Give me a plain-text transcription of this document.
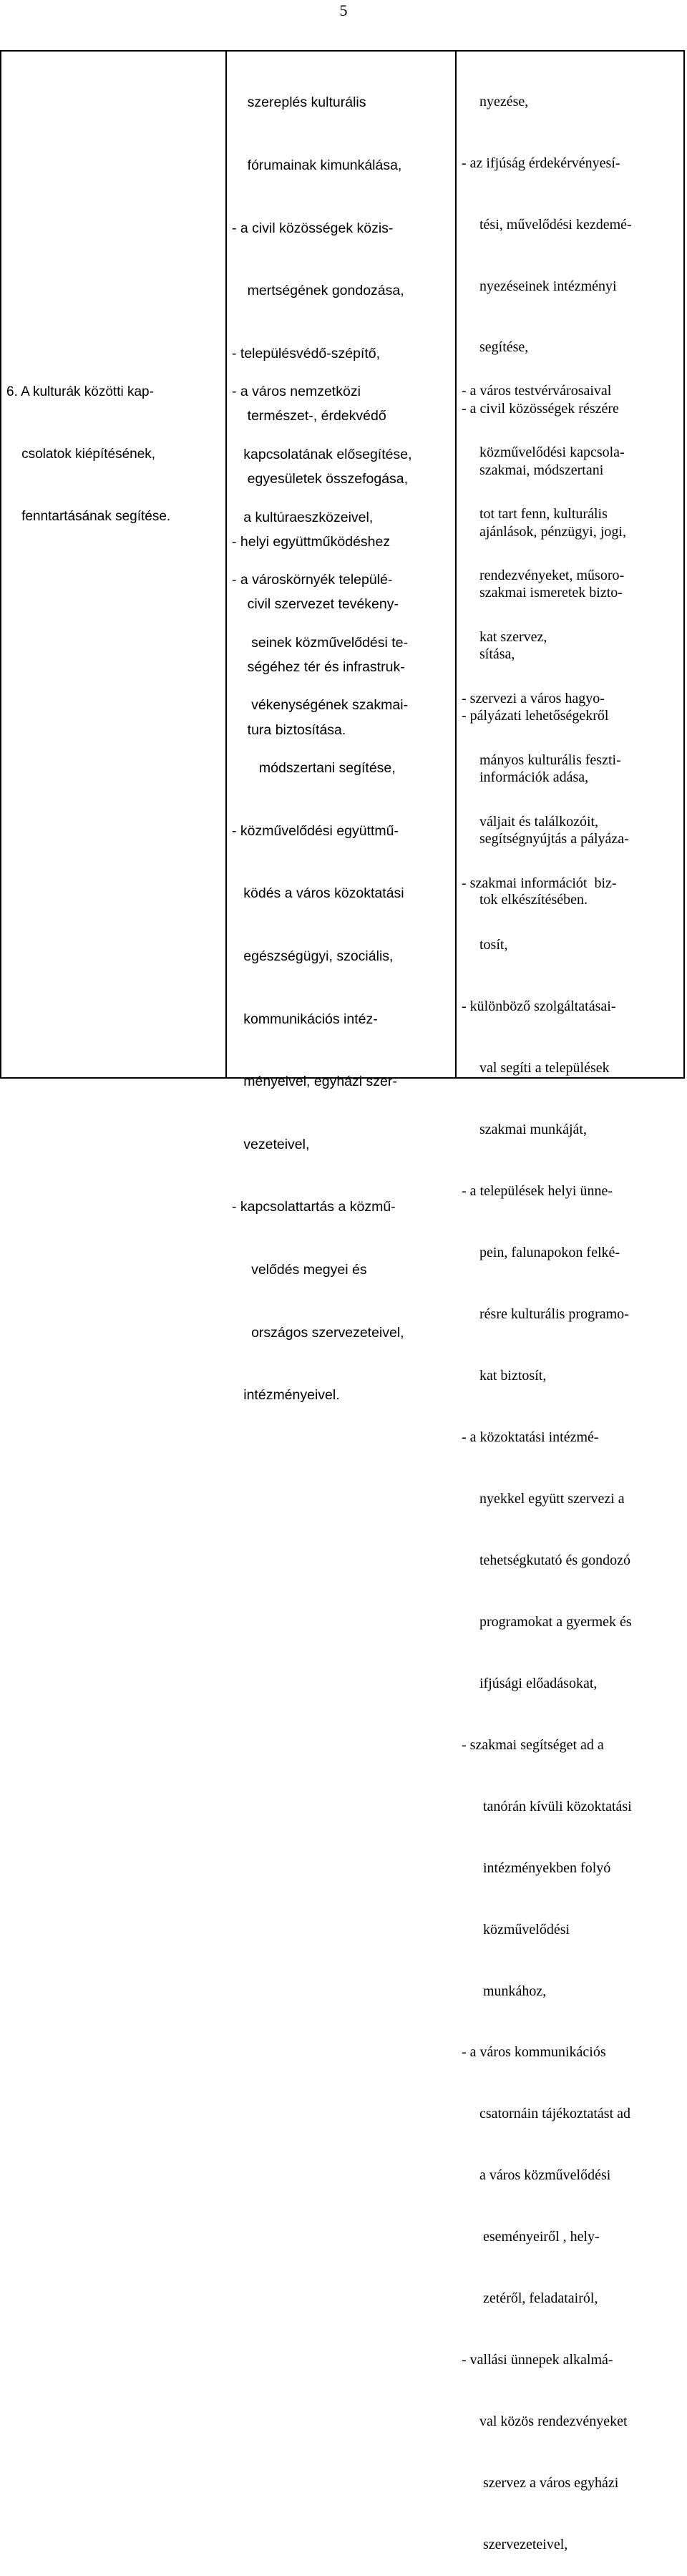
5

6. A kulturák közötti kap-

csolatok kiépítésének,

fenntartásának segítése.

szereplés kulturális

fórumainak kimunkálása,

- a civil közösségek közis-

mertségének gondozása,

- településvédő-szépítő,

természet-, érdekvédő

egyesületek összefogása,

- helyi együttműködéshez

civil szervezet tevékeny-

ségéhez tér és infrastruk-

tura biztosítása.

- a város nemzetközi

kapcsolatának elősegítése,

a kultúraeszközeivel,

- a városkörnyék települé-

seinek közművelődési te-

vékenységének szakmai-

módszertani segítése,

- közművelődési együttmű-

ködés a város közoktatási

egészségügyi, szociális,

kommunikációs intéz-

ményeivel, egyházi szer-

vezeteivel,

- kapcsolattartás a közmű-

velődés megyei és

országos szervezeteivel,

intézményeivel.

nyezése,

- az ifjúság érdekérvényesí-

tési, művelődési kezdemé-

nyezéseinek intézményi

segítése,

- a civil közösségek részére

szakmai, módszertani

ajánlások, pénzügyi, jogi,

szakmai ismeretek bizto-

sítása,

- pályázati lehetőségekről

információk adása,

segítségnyújtás a pályáza-

tok elkészítésében.

- a város testvérvárosaival

közművelődési kapcsola-

tot tart fenn, kulturális

rendezvényeket, műsoro-

kat szervez,

- szervezi a város hagyo-

mányos kulturális feszti-

váljait és találkozóit,

- szakmai információt  biz-

tosít,

- különböző szolgáltatásai-

val segíti a települések

szakmai munkáját,

- a települések helyi ünne-

pein, falunapokon felké-

résre kulturális programo-

kat biztosít,

- a közoktatási intézmé-

nyekkel együtt szervezi a

tehetségkutató és gondozó

programokat a gyermek és

ifjúsági előadásokat,

- szakmai segítséget ad a

tanórán kívüli közoktatási

intézményekben folyó

közművelődési

munkához,

- a város kommunikációs

csatornáin tájékoztatást ad

a város közművelődési

eseményeiről , hely-

zetéről, feladatairól,

- vallási ünnepek alkalmá-

val közös rendezvényeket

szervez a város egyházi

szervezeteivel,
